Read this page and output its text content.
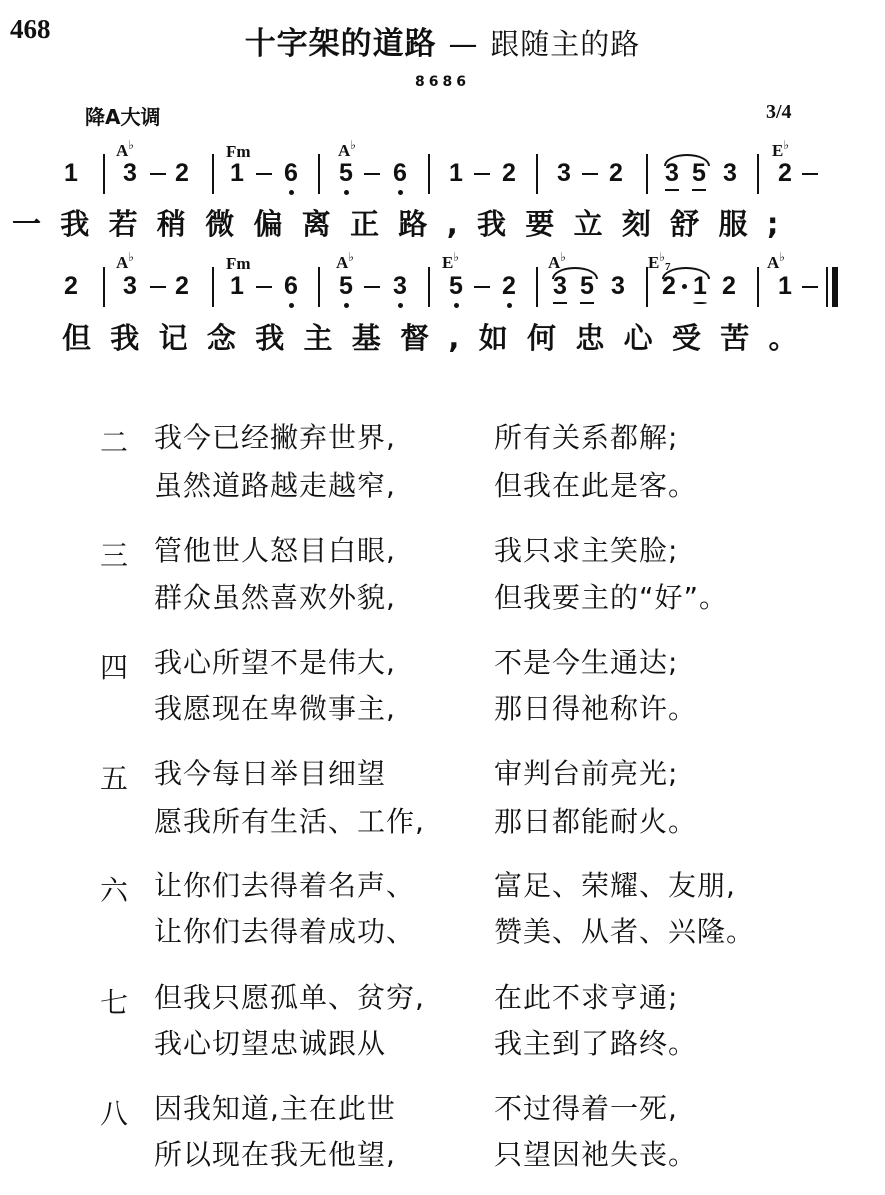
468	十字架的道路 — 跟随主的路
8686
降A大调	3/4
A♭	Fm	A♭	E♭
1 3 2 1 6 5 6 1 2 3 2 3 5 3 2
一我若稍微偏离正路,我要立刻舒服;
A♭	Fm	A♭	E♭	A♭	$E^♭_7$	A♭
2 3 2 1 6 5 3 5 2 3 5 3 2 1 2 1
但我记念我主基督,如何忠心受苦。
二 我今已经撇弃世界,	所有关系都解;
虽然道路越走越窄,	但我在此是客。
三 管他世人怒目白眼,	我只求主笑脸;
群众虽然喜欢外貌,	但我要主的“好”。
四 我心所望不是伟大,	不是今生通达;
我愿现在卑微事主,	那日得祂称许。
五 我今每日举目细望	审判台前亮光;
愿我所有生活、工作, 那日都能耐火。
六 让你们去得着名声、	富足、荣耀、友朋,
让你们去得着成功、	赞美、从者、兴隆。
七 但我只愿孤单、贫穷, 在此不求亨通;
我心切望忠诚跟从	我主到了路终。
八 因我知道,主在此世	不过得着一死,
所以现在我无他望,	只望因祂失丧。
